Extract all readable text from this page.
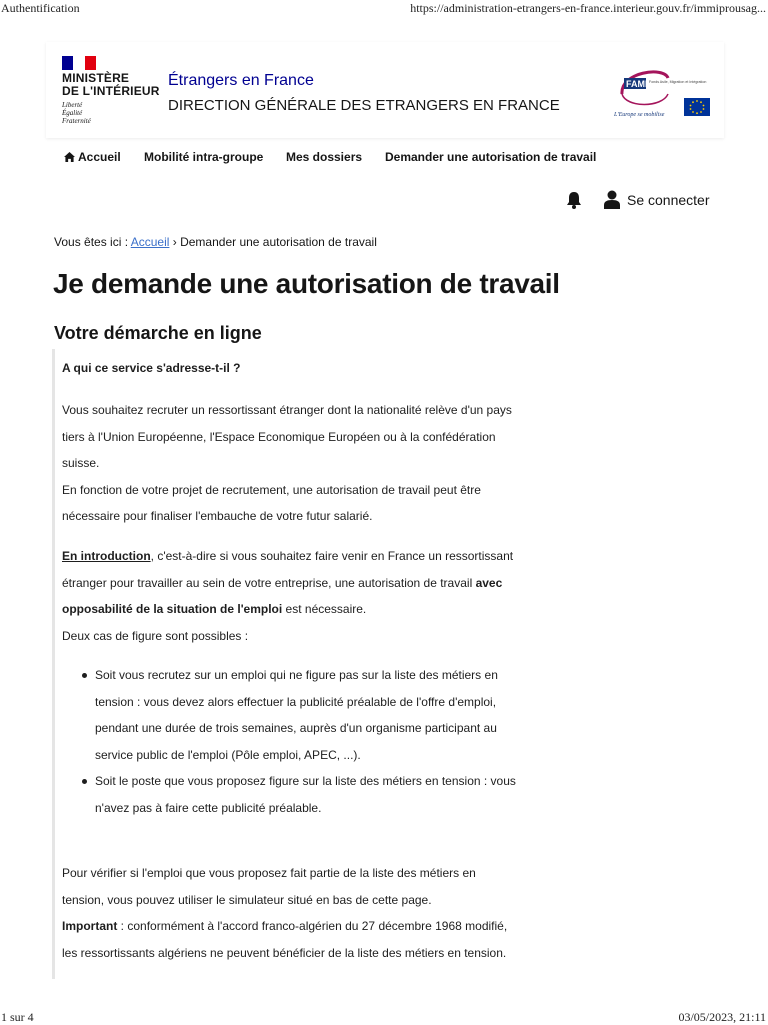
Authentification	https://administration-etrangers-en-france.interieur.gouv.fr/immiprousag...
MINISTÈRE
DE L'INTÉRIEUR
Liberté
Égalité
Fraternité
Étrangers en France
DIRECTION GÉNÉRALE DES ETRANGERS EN FRANCE
FAMI Fonds Asile, Migration et Intégration
L'Europe se mobilise
Accueil Mobilité intra-groupe Mes dossiers Demander une autorisation de travail
Se connecter
Vous êtes ici : Accueil › Demander une autorisation de travail
Je demande une autorisation de travail
Votre démarche en ligne
A qui ce service s'adresse-t-il ?

Vous souhaitez recruter un ressortissant étranger dont la nationalité relève d'un pays
tiers à l'Union Européenne, l'Espace Economique Européen ou à la confédération
suisse.
En fonction de votre projet de recrutement, une autorisation de travail peut être
nécessaire pour finaliser l'embauche de votre futur salarié.

En introduction, c'est-à-dire si vous souhaitez faire venir en France un ressortissant
étranger pour travailler au sein de votre entreprise, une autorisation de travail avec
opposabilité de la situation de l'emploi est nécessaire.
Deux cas de figure sont possibles :

Soit vous recrutez sur un emploi qui ne figure pas sur la liste des métiers en
tension : vous devez alors effectuer la publicité préalable de l'offre d'emploi,
pendant une durée de trois semaines, auprès d'un organisme participant au
service public de l'emploi (Pôle emploi, APEC, ...).
Soit le poste que vous proposez figure sur la liste des métiers en tension : vous
n'avez pas à faire cette publicité préalable.

Pour vérifier si l'emploi que vous proposez fait partie de la liste des métiers en
tension, vous pouvez utiliser le simulateur situé en bas de cette page.
Important : conformément à l'accord franco-algérien du 27 décembre 1968 modifié,
les ressortissants algériens ne peuvent bénéficier de la liste des métiers en tension.

1 sur 4	03/05/2023, 21:11
